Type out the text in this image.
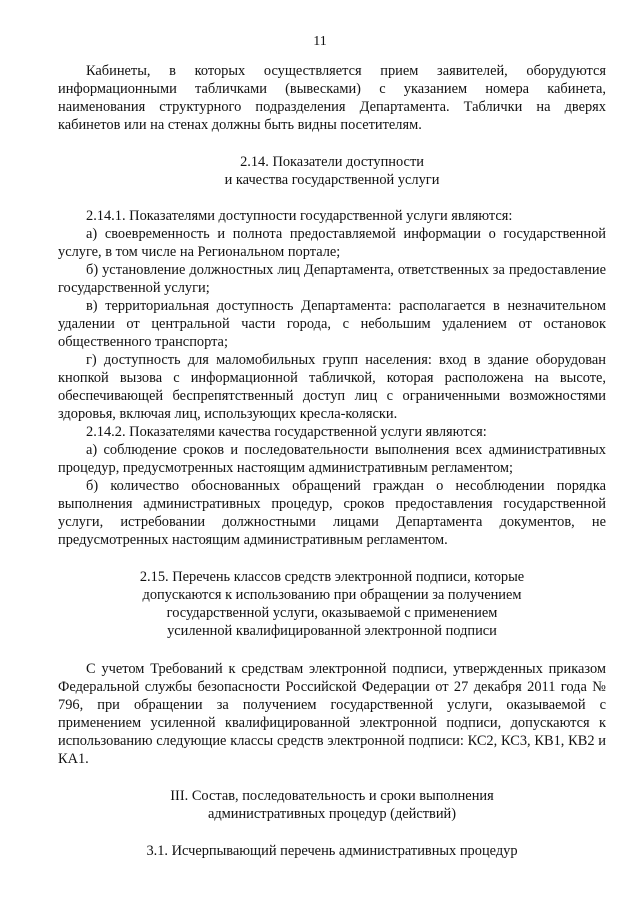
11

Кабинеты, в которых осуществляется прием заявителей, оборудуются информационными табличками (вывесками) с указанием номера кабинета, наименования структурного подразделения Департамента. Таблички на дверях кабинетов или на стенах должны быть видны посетителям.

2.14. Показатели доступности
и качества государственной услуги

2.14.1. Показателями доступности государственной услуги являются:

а) своевременность и полнота предоставляемой информации о государственной услуге, в том числе на Региональном портале;

б) установление должностных лиц Департамента, ответственных за предоставление государственной услуги;

в) территориальная доступность Департамента: располагается в незначительном удалении от центральной части города, с небольшим удалением от остановок общественного транспорта;

г) доступность для маломобильных групп населения: вход в здание оборудован кнопкой вызова с информационной табличкой, которая расположена на высоте, обеспечивающей беспрепятственный доступ лиц с ограниченными возможностями здоровья, включая лиц, использующих кресла-коляски.

2.14.2. Показателями качества государственной услуги являются:

а) соблюдение сроков и последовательности выполнения всех административных процедур, предусмотренных настоящим административным регламентом;

б) количество обоснованных обращений граждан о несоблюдении порядка выполнения административных процедур, сроков предоставления государственной услуги, истребовании должностными лицами Департамента документов, не предусмотренных настоящим административным регламентом.

2.15. Перечень классов средств электронной подписи, которые
допускаются к использованию при обращении за получением
государственной услуги, оказываемой с применением
усиленной квалифицированной электронной подписи

С учетом Требований к средствам электронной подписи, утвержденных приказом Федеральной службы безопасности Российской Федерации от 27 декабря 2011 года № 796, при обращении за получением государственной услуги, оказываемой с применением усиленной квалифицированной электронной подписи, допускаются к использованию следующие классы средств электронной подписи: КС2, КС3, КВ1, КВ2 и КА1.

III. Состав, последовательность и сроки выполнения
административных процедур (действий)
3.1. Исчерпывающий перечень административных процедур
